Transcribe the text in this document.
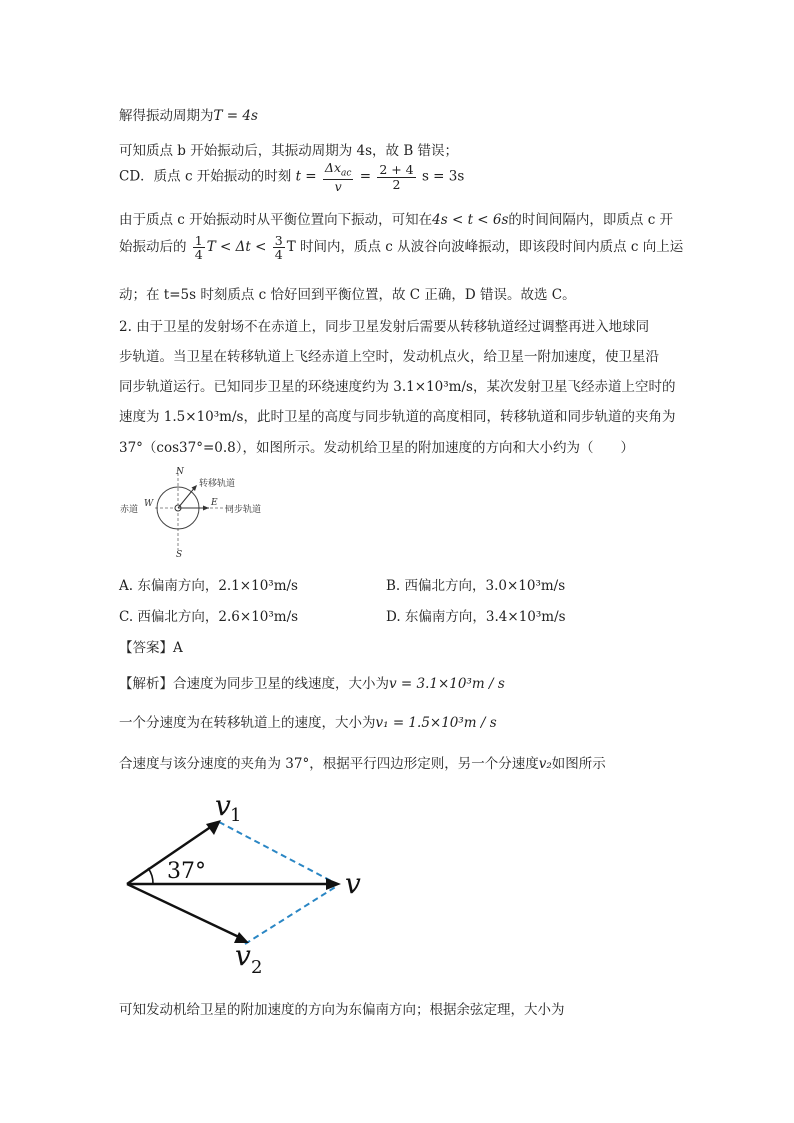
解得振动周期为T = 4s
可知质点 b 开始振动后，其振动周期为 4s，故 B 错误；
CD．质点 c 开始振动的时刻 $t = \frac{\Delta x_{ac}}{v} = \frac{2 + 4}{2}$ s = 3s
由于质点 c 开始振动时从平衡位置向下振动，可知在4s < t < 6s的时间间隔内，即质点 c 开
始振动后的 $\frac{1}{4}$ $T < \Delta t < \frac{3}{4}$ T 时间内，质点 c 从波谷向波峰振动，即该段时间内质点 c 向上运
动；在 t=5s 时刻质点 c 恰好回到平衡位置，故 C 正确，D 错误。故选 C。
2. 由于卫星的发射场不在赤道上，同步卫星发射后需要从转移轨道经过调整再进入地球同
步轨道。当卫星在转移轨道上飞经赤道上空时，发动机点火，给卫星一附加速度，使卫星沿
同步轨道运行。已知同步卫星的环绕速度约为 3.1×10³m/s，某次发射卫星飞经赤道上空时的
速度为 1.5×10³m/s，此时卫星的高度与同步轨道的高度相同，转移轨道和同步轨道的夹角为
37°（cos37°=0.8），如图所示。发动机给卫星的附加速度的方向和大小约为（　　）
N
S
W	E
赤道
转移轨道
同步轨道
A. 东偏南方向，2.1×10³m/s	B. 西偏北方向，3.0×10³m/s
C. 西偏北方向，2.6×10³m/s	D. 东偏南方向，3.4×10³m/s
【答案】A
【解析】合速度为同步卫星的线速度，大小为v = 3.1×10³m / s
一个分速度为在转移轨道上的速度，大小为v₁ = 1.5×10³m / s
合速度与该分速度的夹角为 37°，根据平行四边形定则，另一个分速度v₂如图所示
37°
v 1
v
v 2
可知发动机给卫星的附加速度的方向为东偏南方向；根据余弦定理，大小为
